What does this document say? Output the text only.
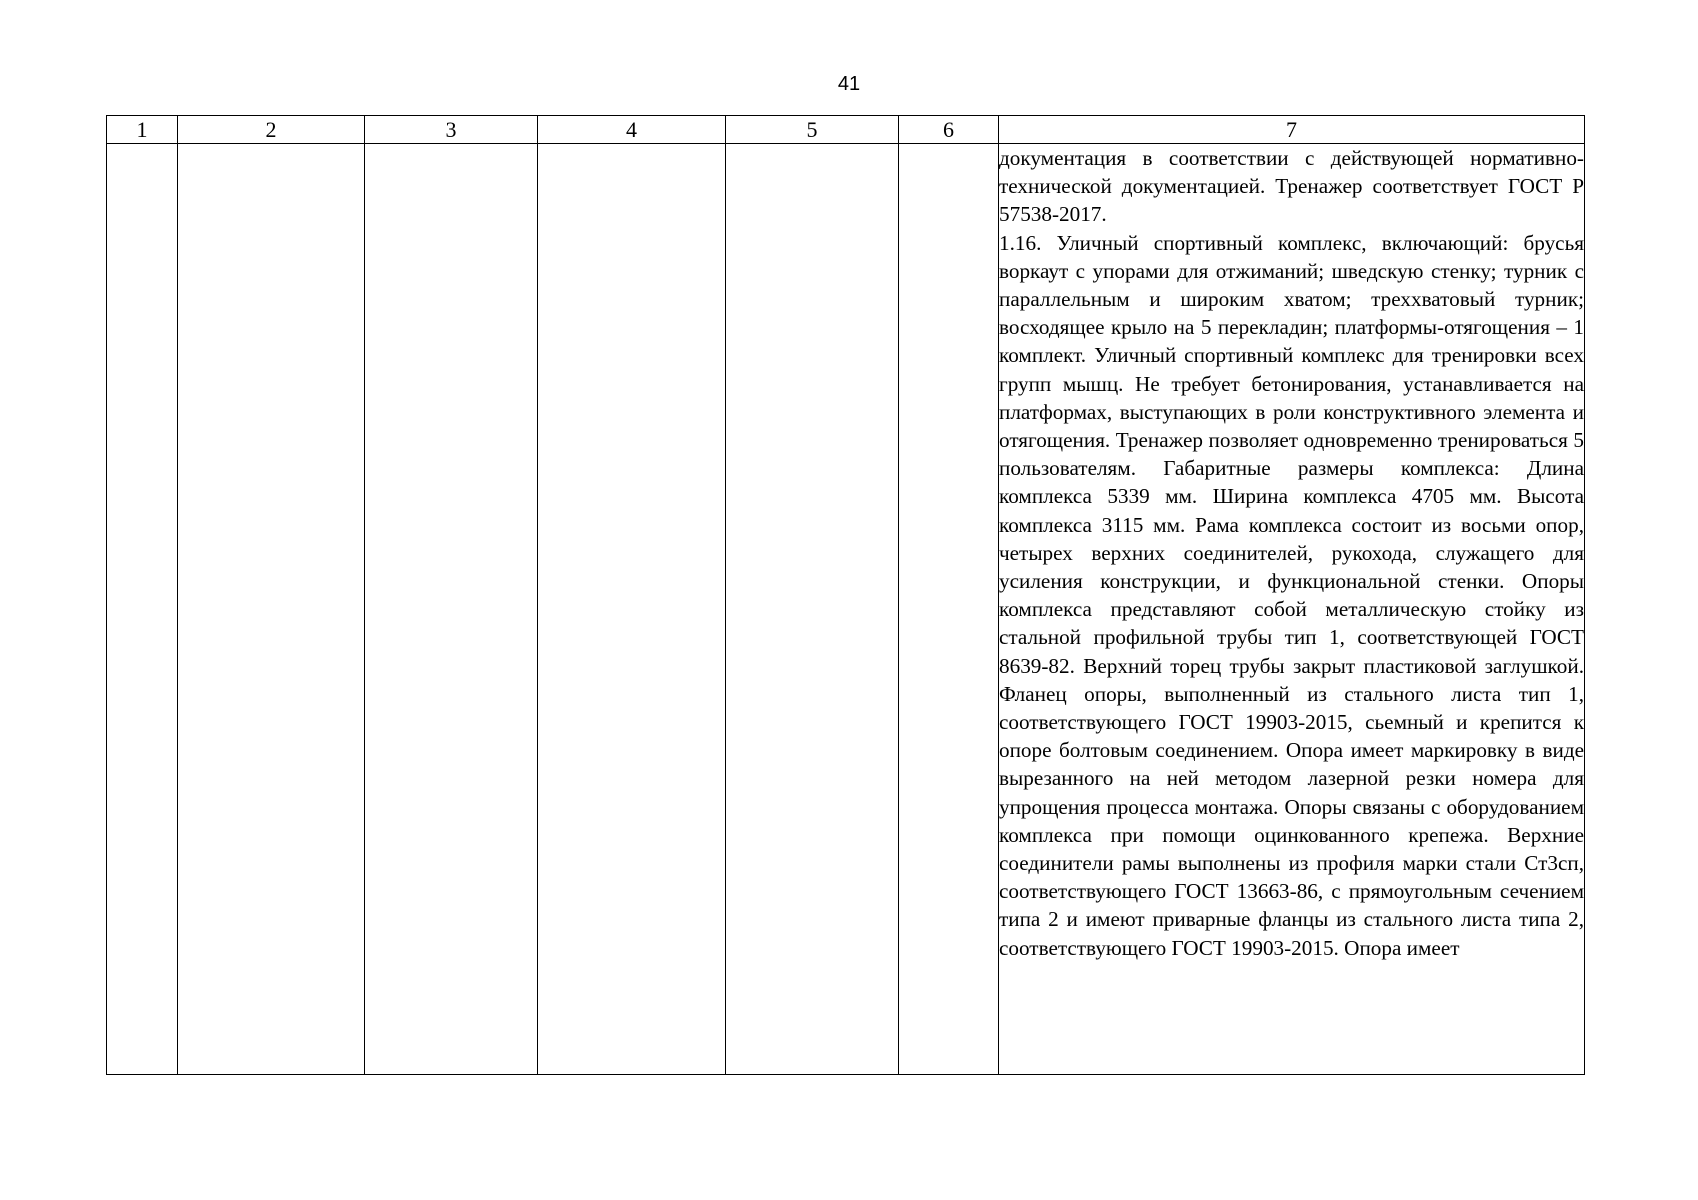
41
1	2	3	4	5	6	7

						документация в соответствии с действующей нормативно-технической документацией. Тренажер соответствует ГОСТ Р 57538-2017.

1.16. Уличный спортивный комплекс, включающий: брусья воркаут с упорами для отжиманий; шведскую стенку; турник с параллельным и широким хватом; треххватовый турник; восходящее крыло на 5 перекладин; платформы-отягощения – 1 комплект. Уличный спортивный комплекс для тренировки всех групп мышц. Не требует бетонирования, устанавливается на платформах, выступающих в роли конструктивного элемента и отягощения. Тренажер позволяет одновременно тренироваться 5 пользователям. Габаритные размеры комплекса: Длина комплекса 5339 мм. Ширина комплекса 4705 мм. Высота комплекса 3115 мм. Рама комплекса состоит из восьми опор, четырех верхних соединителей, рукохода, служащего для усиления конструкции, и функциональной стенки. Опоры комплекса представляют собой металлическую стойку из стальной профильной трубы тип 1, соответствующей ГОСТ 8639-82. Верхний торец трубы закрыт пластиковой заглушкой. Фланец опоры, выполненный из стального листа тип 1, соответствующего ГОСТ 19903-2015, сьемный и крепится к опоре болтовым соединением. Опора имеет маркировку в виде вырезанного на ней методом лазерной резки номера для упрощения процесса монтажа. Опоры связаны с оборудованием комплекса при помощи оцинкованного крепежа. Верхние соединители рамы выполнены из профиля марки стали Ст3сп, соответствующего ГОСТ 13663-86, с прямоугольным сечением типа 2 и имеют приварные фланцы из стального листа типа 2, соответствующего ГОСТ 19903-2015. Опора имеет
